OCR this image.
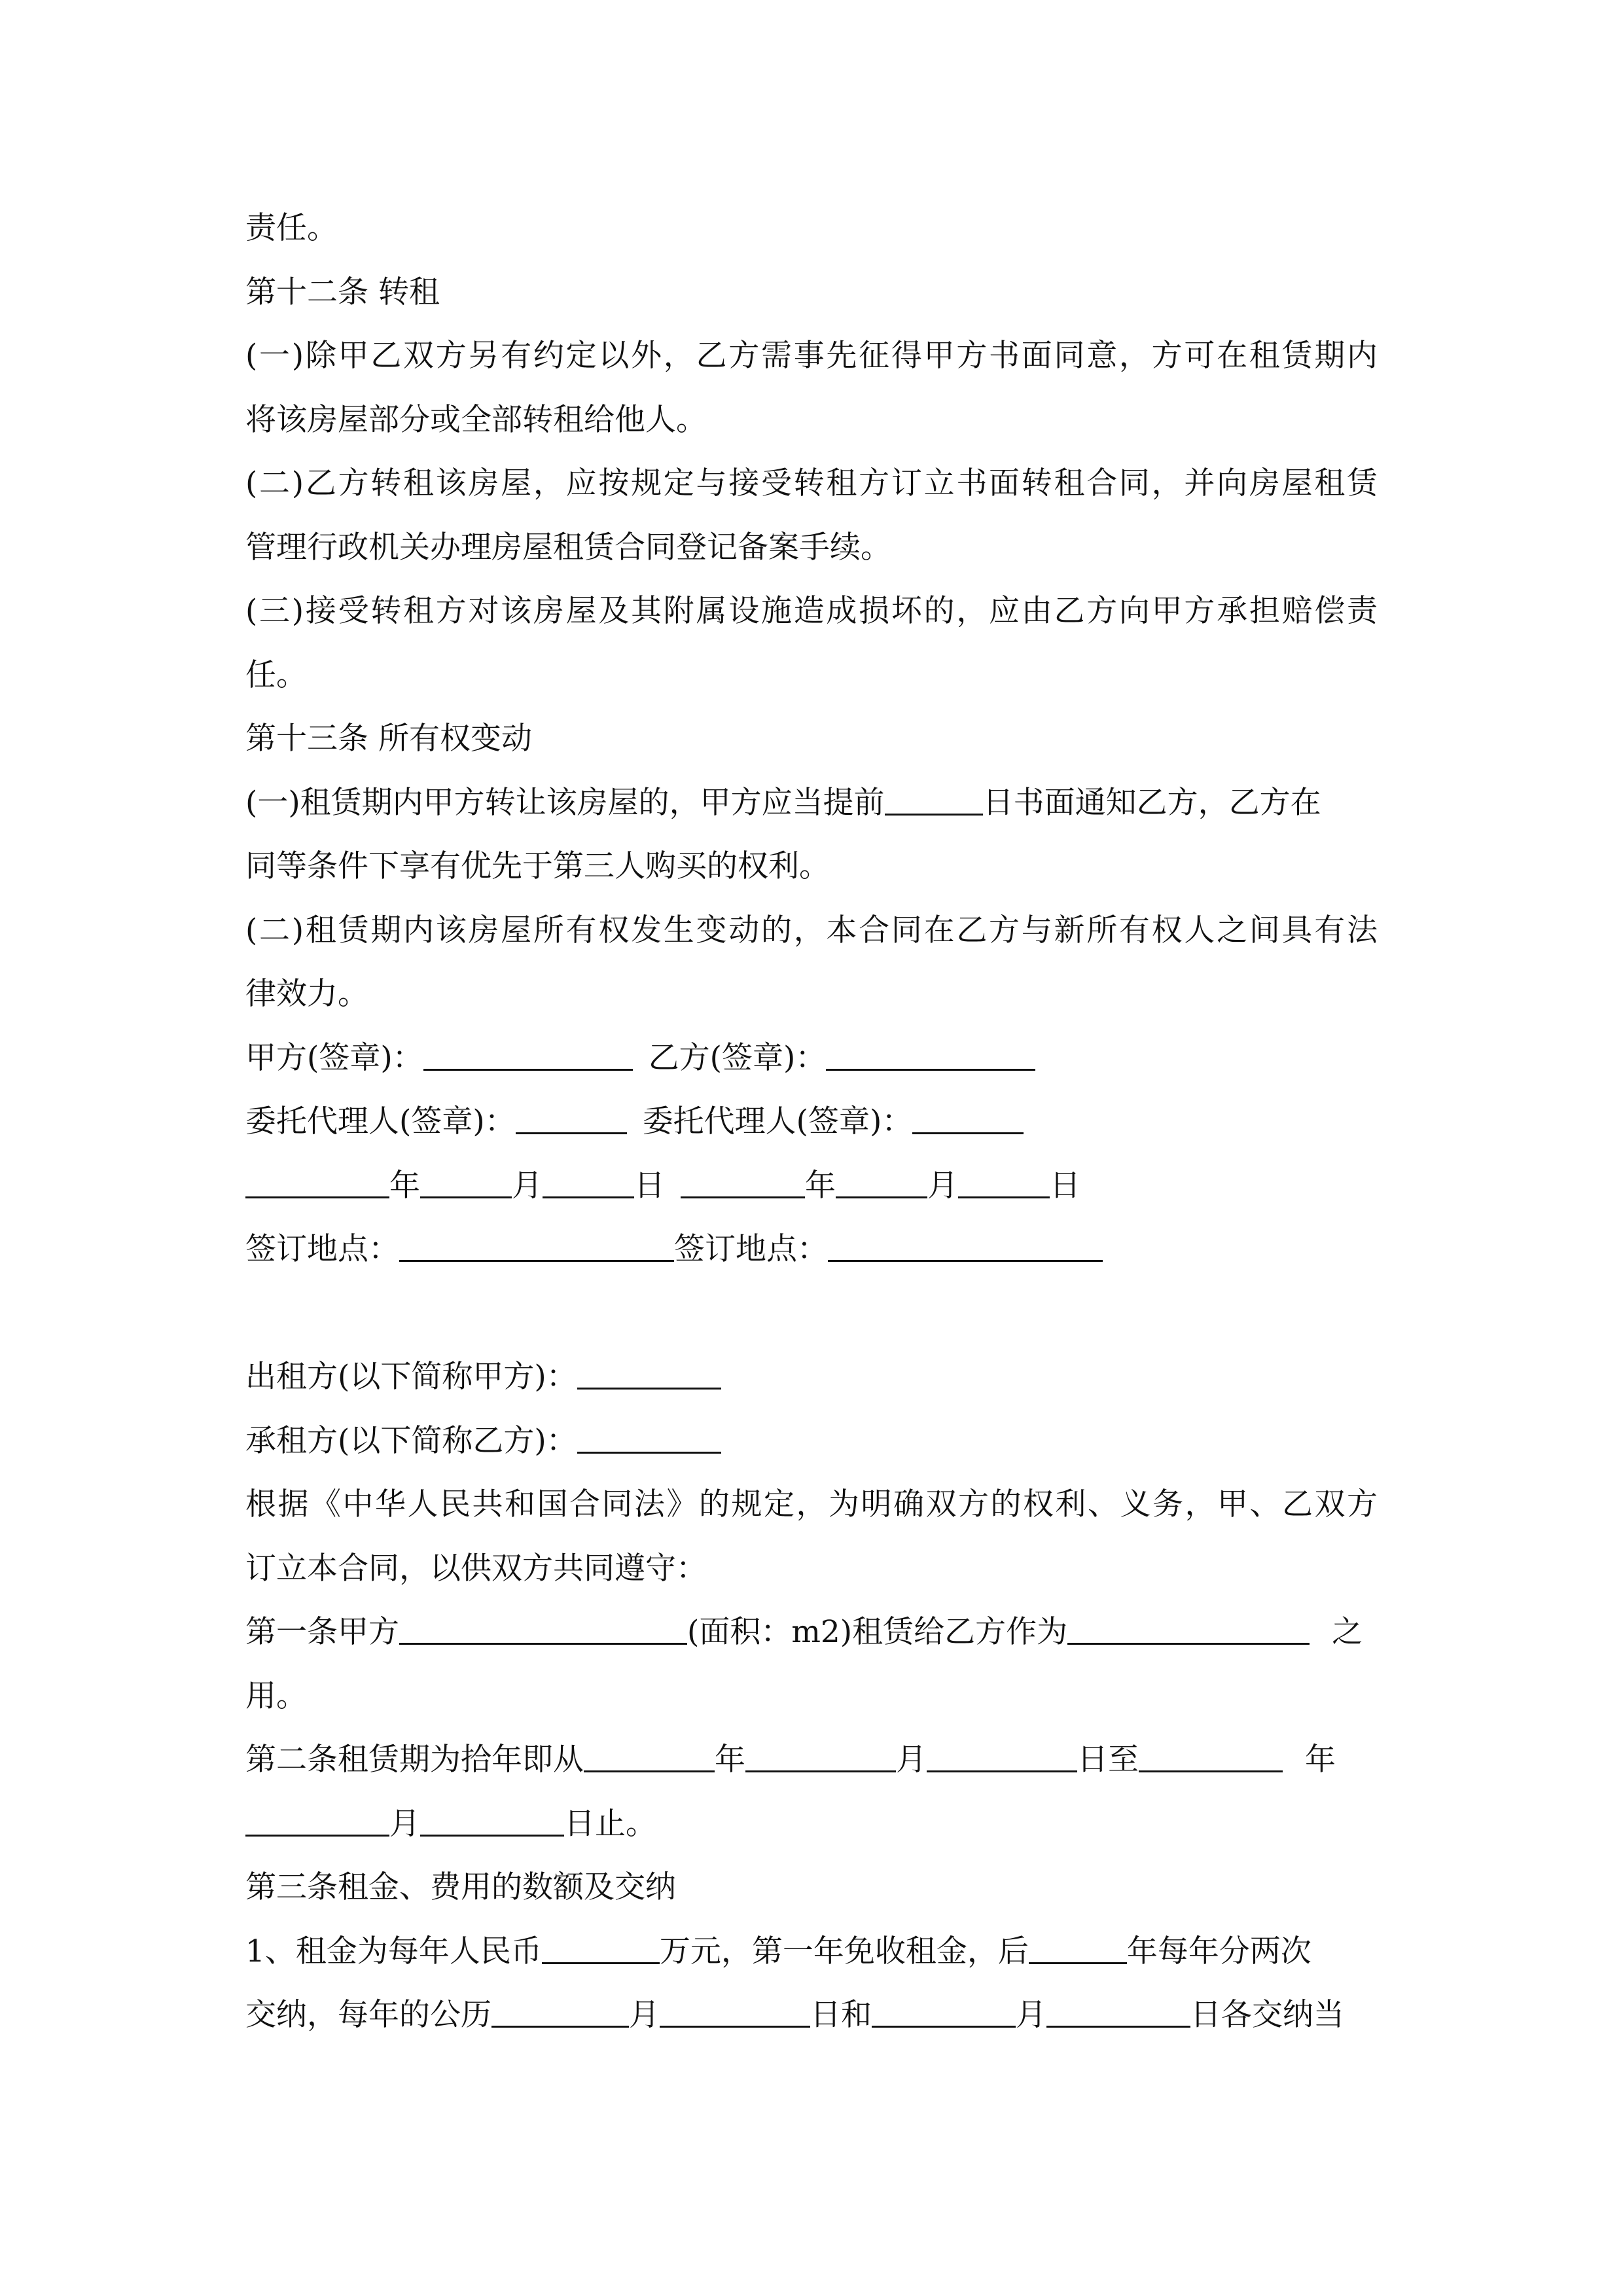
责任。
第十二条 转租
(一)除甲乙双方另有约定以外，乙方需事先征得甲方书面同意，方可在租赁期内
将该房屋部分或全部转租给他人。
(二)乙方转租该房屋，应按规定与接受转租方订立书面转租合同，并向房屋租赁
管理行政机关办理房屋租赁合同登记备案手续。
(三)接受转租方对该房屋及其附属设施造成损坏的，应由乙方向甲方承担赔偿责
任。
第十三条 所有权变动
(一)租赁期内甲方转让该房屋的，甲方应当提前	日书面通知乙方，乙方在
同等条件下享有优先于第三人购买的权利。
(二)租赁期内该房屋所有权发生变动的，本合同在乙方与新所有权人之间具有法
律效力。
甲方(签章)：	乙方(签章)：
委托代理人(签章)：	委托代理人(签章)：
年	月	日	年	月	日
签订地点：	签订地点：
出租方(以下简称甲方)：
承租方(以下简称乙方)：
根据《中华人民共和国合同法》的规定，为明确双方的权利、义务，甲、乙双方
订立本合同，以供双方共同遵守：
第一条甲方	(面积：m2)租赁给乙方作为	之
用。
第二条租赁期为拾年即从	年	月	日至	年
月	日止。
第三条租金、费用的数额及交纳
1、租金为每年人民币	万元，第一年免收租金，后	年每年分两次
交纳，每年的公历	月	日和	月	日各交纳当
